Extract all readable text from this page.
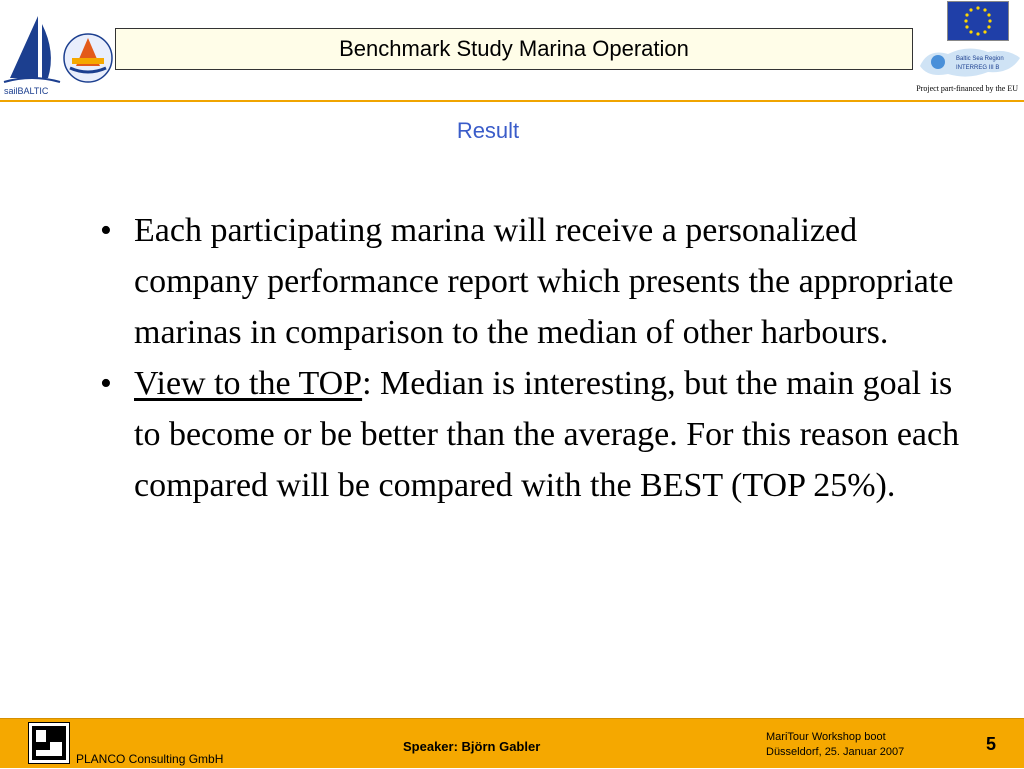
sailBALTIC
Benchmark Study Marina Operation	Baltic Sea Region
INTERREG III B
Project part-financed by the EU
Result
• Each participating marina will receive a personalized company performance report which presents the appropriate marinas in comparison to the median of other harbours.
• View to the TOP: Median is interesting, but the main goal is to become or be better than the average. For this reason each compared will be compared with the BEST (TOP 25%).
PLANCO Consulting GmbH
Speaker: Björn Gabler
MariTour Workshop boot
Düsseldorf, 25. Januar 2007	5
